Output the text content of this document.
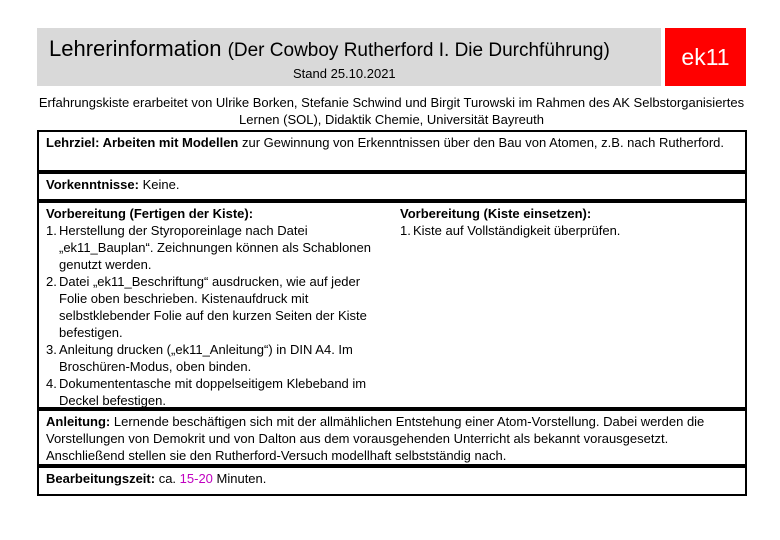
Lehrerinformation (Der Cowboy Rutherford I. Die Durchführung)
Stand 25.10.2021
ek11
Erfahrungskiste erarbeitet von Ulrike Borken, Stefanie Schwind und Birgit Turowski im Rahmen des AK Selbstorganisiertes Lernen (SOL), Didaktik Chemie, Universität Bayreuth
Lehrziel: Arbeiten mit Modellen zur Gewinnung von Erkenntnissen über den Bau von Atomen, z.B. nach Rutherford.
Vorkenntnisse: Keine.
Vorbereitung (Fertigen der Kiste):
1. Herstellung der Styroporeinlage nach Datei „ek11_Bauplan“. Zeichnungen können als Schablonen genutzt werden.
2. Datei „ek11_Beschriftung“ ausdrucken, wie auf jeder Folie oben beschrieben. Kistenaufdruck mit selbstklebender Folie auf den kurzen Seiten der Kiste befestigen.
3. Anleitung drucken („ek11_Anleitung“) in DIN A4. Im Broschüren-Modus, oben binden.
4. Dokumententasche mit doppelseitigem Klebeband im Deckel befestigen.
Vorbereitung (Kiste einsetzen):
1. Kiste auf Vollständigkeit überprüfen.
Anleitung: Lernende beschäftigen sich mit der allmählichen Entstehung einer Atom-Vorstellung. Dabei werden die Vorstellungen von Demokrit und von Dalton aus dem vorausgehenden Unterricht als bekannt vorausgesetzt. Anschließend stellen sie den Rutherford-Versuch modellhaft selbstständig nach.
Bearbeitungszeit: ca. 15-20 Minuten.
